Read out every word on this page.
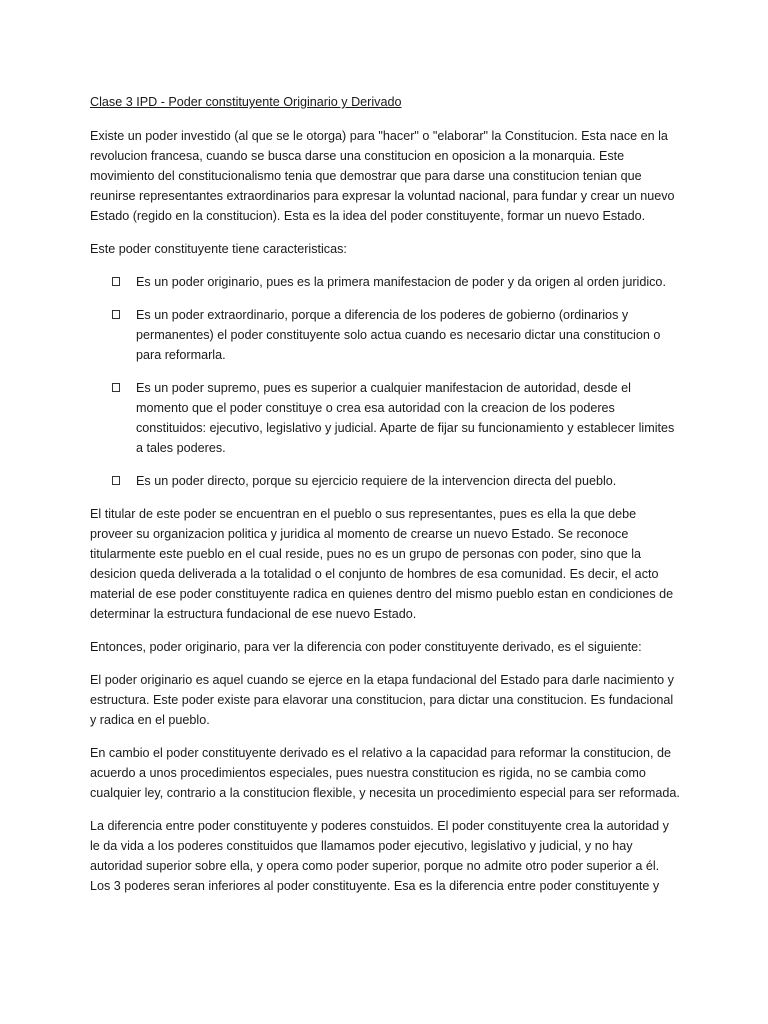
Clase 3 IPD - Poder constituyente Originario y Derivado

Existe un poder investido (al que se le otorga) para "hacer" o "elaborar" la Constitucion. Esta nace en la revolucion francesa, cuando se busca darse una constitucion en oposicion a la monarquia. Este movimiento del constitucionalismo tenia que demostrar que para darse una constitucion tenian que reunirse representantes extraordinarios para expresar la voluntad nacional, para fundar y crear un nuevo Estado (regido en la constitucion). Esta es la idea del poder constituyente, formar un nuevo Estado.

Este poder constituyente tiene caracteristicas:

Es un poder originario, pues es la primera manifestacion de poder y da origen al orden juridico.
Es un poder extraordinario, porque a diferencia de los poderes de gobierno (ordinarios y permanentes) el poder constituyente solo actua cuando es necesario dictar una constitucion o para reformarla.
Es un poder supremo, pues es superior a cualquier manifestacion de autoridad, desde el momento que el poder constituye o crea esa autoridad con la creacion de los poderes constituidos: ejecutivo, legislativo y judicial. Aparte de fijar su funcionamiento y establecer limites a tales poderes.
Es un poder directo, porque su ejercicio requiere de la intervencion directa del pueblo.

El titular de este poder se encuentran en el pueblo o sus representantes, pues es ella la que debe proveer su organizacion politica y juridica al momento de crearse un nuevo Estado. Se reconoce titularmente este pueblo en el cual reside, pues no es un grupo de personas con poder, sino que la desicion queda deliverada a la totalidad o el conjunto de hombres de esa comunidad. Es decir, el acto material de ese poder constituyente radica en quienes dentro del mismo pueblo estan en condiciones de determinar la estructura fundacional de ese nuevo Estado.

Entonces, poder originario, para ver la diferencia con poder constituyente derivado, es el siguiente:

El poder originario es aquel cuando se ejerce en la etapa fundacional del Estado para darle nacimiento y estructura. Este poder existe para elavorar una constitucion, para dictar una constitucion. Es fundacional y radica en el pueblo.

En cambio el poder constituyente derivado es el relativo a la capacidad para reformar la constitucion, de acuerdo a unos procedimientos especiales, pues nuestra constitucion es rigida, no se cambia como cualquier ley, contrario a la constitucion flexible, y necesita un procedimiento especial para ser reformada.

La diferencia entre poder constituyente y poderes constuidos. El poder constituyente crea la autoridad y le da vida a los poderes constituidos que llamamos poder ejecutivo, legislativo y judicial, y no hay autoridad superior sobre ella, y opera como poder superior, porque no admite otro poder superior a él. Los 3 poderes seran inferiores al poder constituyente. Esa es la diferencia entre poder constituyente y
